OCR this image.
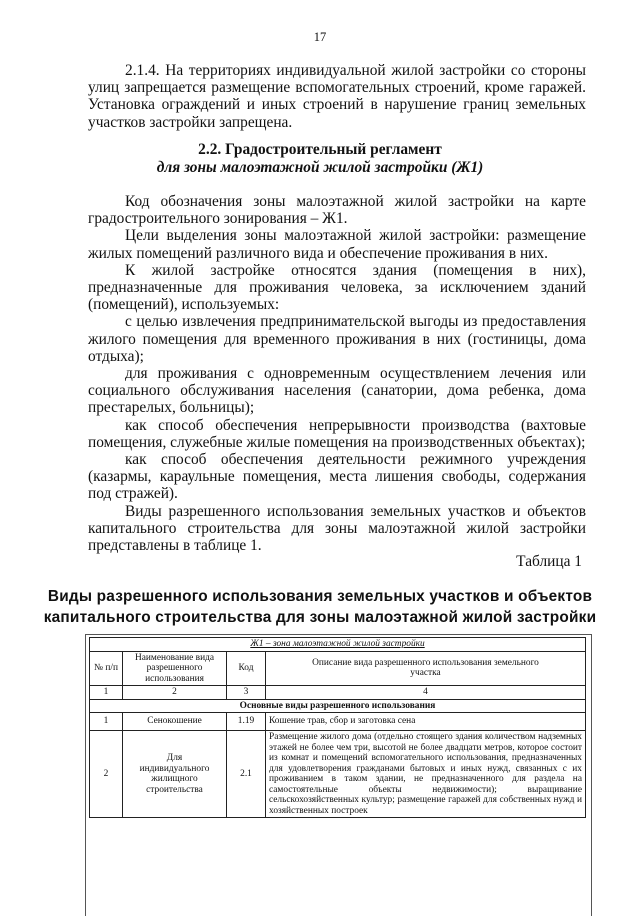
17

2.1.4. На территориях индивидуальной жилой застройки со стороны улиц запрещается размещение вспомогательных строений, кроме гаражей. Установка ограждений и иных строений в нарушение границ земельных участков застройки запрещена.

2.2. Градостроительный регламент
для зоны малоэтажной жилой застройки (Ж1)

Код обозначения зоны малоэтажной жилой застройки на карте градостроительного зонирования – Ж1.

Цели выделения зоны малоэтажной жилой застройки: размещение жилых помещений различного вида и обеспечение проживания в них.

К жилой застройке относятся здания (помещения в них), предназначенные для проживания человека, за исключением зданий (помещений), используемых:

с целью извлечения предпринимательской выгоды из предоставления жилого помещения для временного проживания в них (гостиницы, дома отдыха);

для проживания с одновременным осуществлением лечения или социального обслуживания населения (санатории, дома ребенка, дома престарелых, больницы);

как способ обеспечения непрерывности производства (вахтовые помещения, служебные жилые помещения на производственных объектах);

как способ обеспечения деятельности режимного учреждения (казармы, караульные помещения, места лишения свободы, содержания под стражей).

Виды разрешенного использования земельных участков и объектов капитального строительства для зоны малоэтажной жилой застройки представлены в таблице 1.

Таблица 1
Виды разрешенного использования земельных участков и объектов
капитального строительства для зоны малоэтажной жилой застройки
Ж1 – зона малоэтажной жилой застройки			
№ п/п	Наименование вида разрешенного использования	Код	Описание вида разрешенного использования земельного участка
1	2	3	4
Основные виды разрешенного использования			
1	Сенокошение	1.19	Кошение трав, сбор и заготовка сена
2	Для индивидуального жилищного строительства	2.1	Размещение жилого дома (отдельно стоящего здания количеством надземных этажей не более чем три, высотой не более двадцати метров, которое состоит из комнат и помещений вспомогательного использования, предназначенных для удовлетворения гражданами бытовых и иных нужд, связанных с их проживанием в таком здании, не предназначенного для раздела на самостоятельные объекты недвижимости); выращивание сельскохозяйственных культур; размещение гаражей для собственных нужд и хозяйственных построек
